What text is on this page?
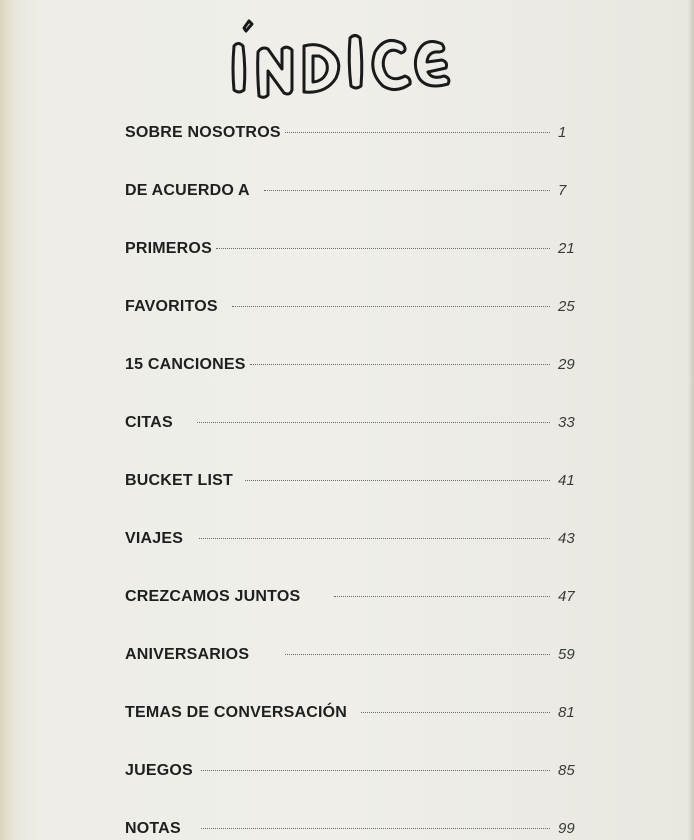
SOBRE NOSOTROS	1
DE ACUERDO A	7
PRIMEROS	21
FAVORITOS	25
15 CANCIONES	29
CITAS	33
BUCKET LIST	41
VIAJES	43
CREZCAMOS JUNTOS	47
ANIVERSARIOS	59
TEMAS DE CONVERSACIÓN	81
JUEGOS	85
NOTAS	99
